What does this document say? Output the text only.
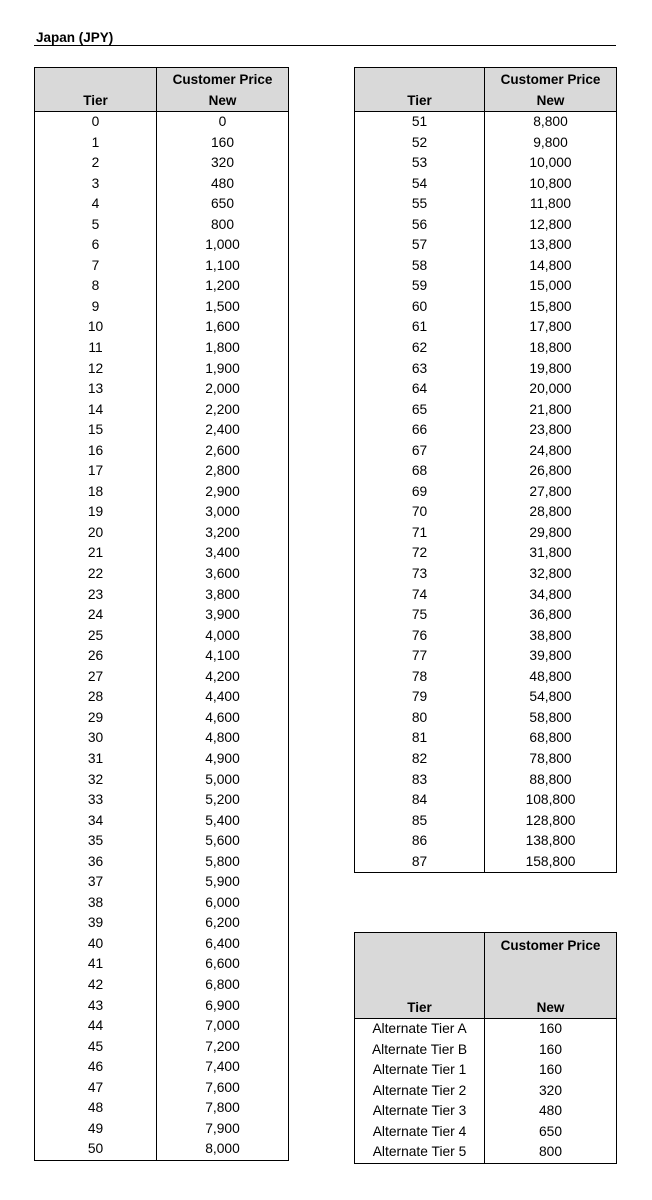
Japan (JPY)
	Customer Price
Tier	New
0	0
1	160
2	320
3	480
4	650
5	800
6	1,000
7	1,100
8	1,200
9	1,500
10	1,600
11	1,800
12	1,900
13	2,000
14	2,200
15	2,400
16	2,600
17	2,800
18	2,900
19	3,000
20	3,200
21	3,400
22	3,600
23	3,800
24	3,900
25	4,000
26	4,100
27	4,200
28	4,400
29	4,600
30	4,800
31	4,900
32	5,000
33	5,200
34	5,400
35	5,600
36	5,800
37	5,900
38	6,000
39	6,200
40	6,400
41	6,600
42	6,800
43	6,900
44	7,000
45	7,200
46	7,400
47	7,600
48	7,800
49	7,900
50	8,000
	Customer Price
Tier	New
51	8,800
52	9,800
53	10,000
54	10,800
55	11,800
56	12,800
57	13,800
58	14,800
59	15,000
60	15,800
61	17,800
62	18,800
63	19,800
64	20,000
65	21,800
66	23,800
67	24,800
68	26,800
69	27,800
70	28,800
71	29,800
72	31,800
73	32,800
74	34,800
75	36,800
76	38,800
77	39,800
78	48,800
79	54,800
80	58,800
81	68,800
82	78,800
83	88,800
84	108,800
85	128,800
86	138,800
87	158,800
	Customer Price

Tier	New
Alternate Tier A	160
Alternate Tier B	160
Alternate Tier 1	160
Alternate Tier 2	320
Alternate Tier 3	480
Alternate Tier 4	650
Alternate Tier 5	800
